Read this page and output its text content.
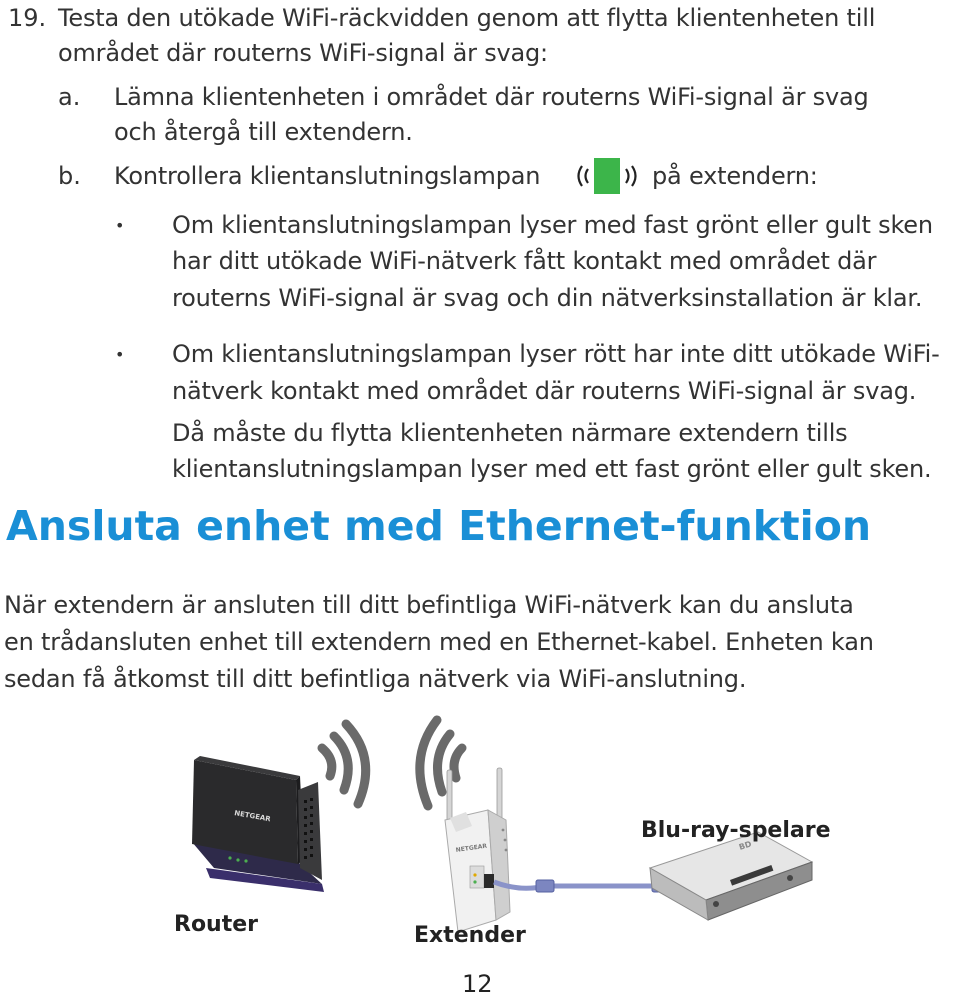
19. Testa den utökade WiFi-räckvidden genom att flytta klientenheten till
området där routerns WiFi-signal är svag:
a. Lämna klientenheten i området där routerns WiFi-signal är svag
och återgå till extendern.
b. Kontrollera klientanslutningslampan	på extendern:
• Om klientanslutningslampan lyser med fast grönt eller gult sken
har ditt utökade WiFi-nätverk fått kontakt med området där
routerns WiFi-signal är svag och din nätverksinstallation är klar.
• Om klientanslutningslampan lyser rött har inte ditt utökade WiFi-
nätverk kontakt med området där routerns WiFi-signal är svag.
Då måste du flytta klientenheten närmare extendern tills
klientanslutningslampan lyser med ett fast grönt eller gult sken.
Ansluta enhet med Ethernet-funktion
När extendern är ansluten till ditt befintliga WiFi-nätverk kan du ansluta
en trådansluten enhet till extendern med en Ethernet-kabel. Enheten kan
sedan få åtkomst till ditt befintliga nätverk via WiFi-anslutning.
NETGEAR
NETGEAR	BD
Router	Extender
Blu-ray-spelare
12
